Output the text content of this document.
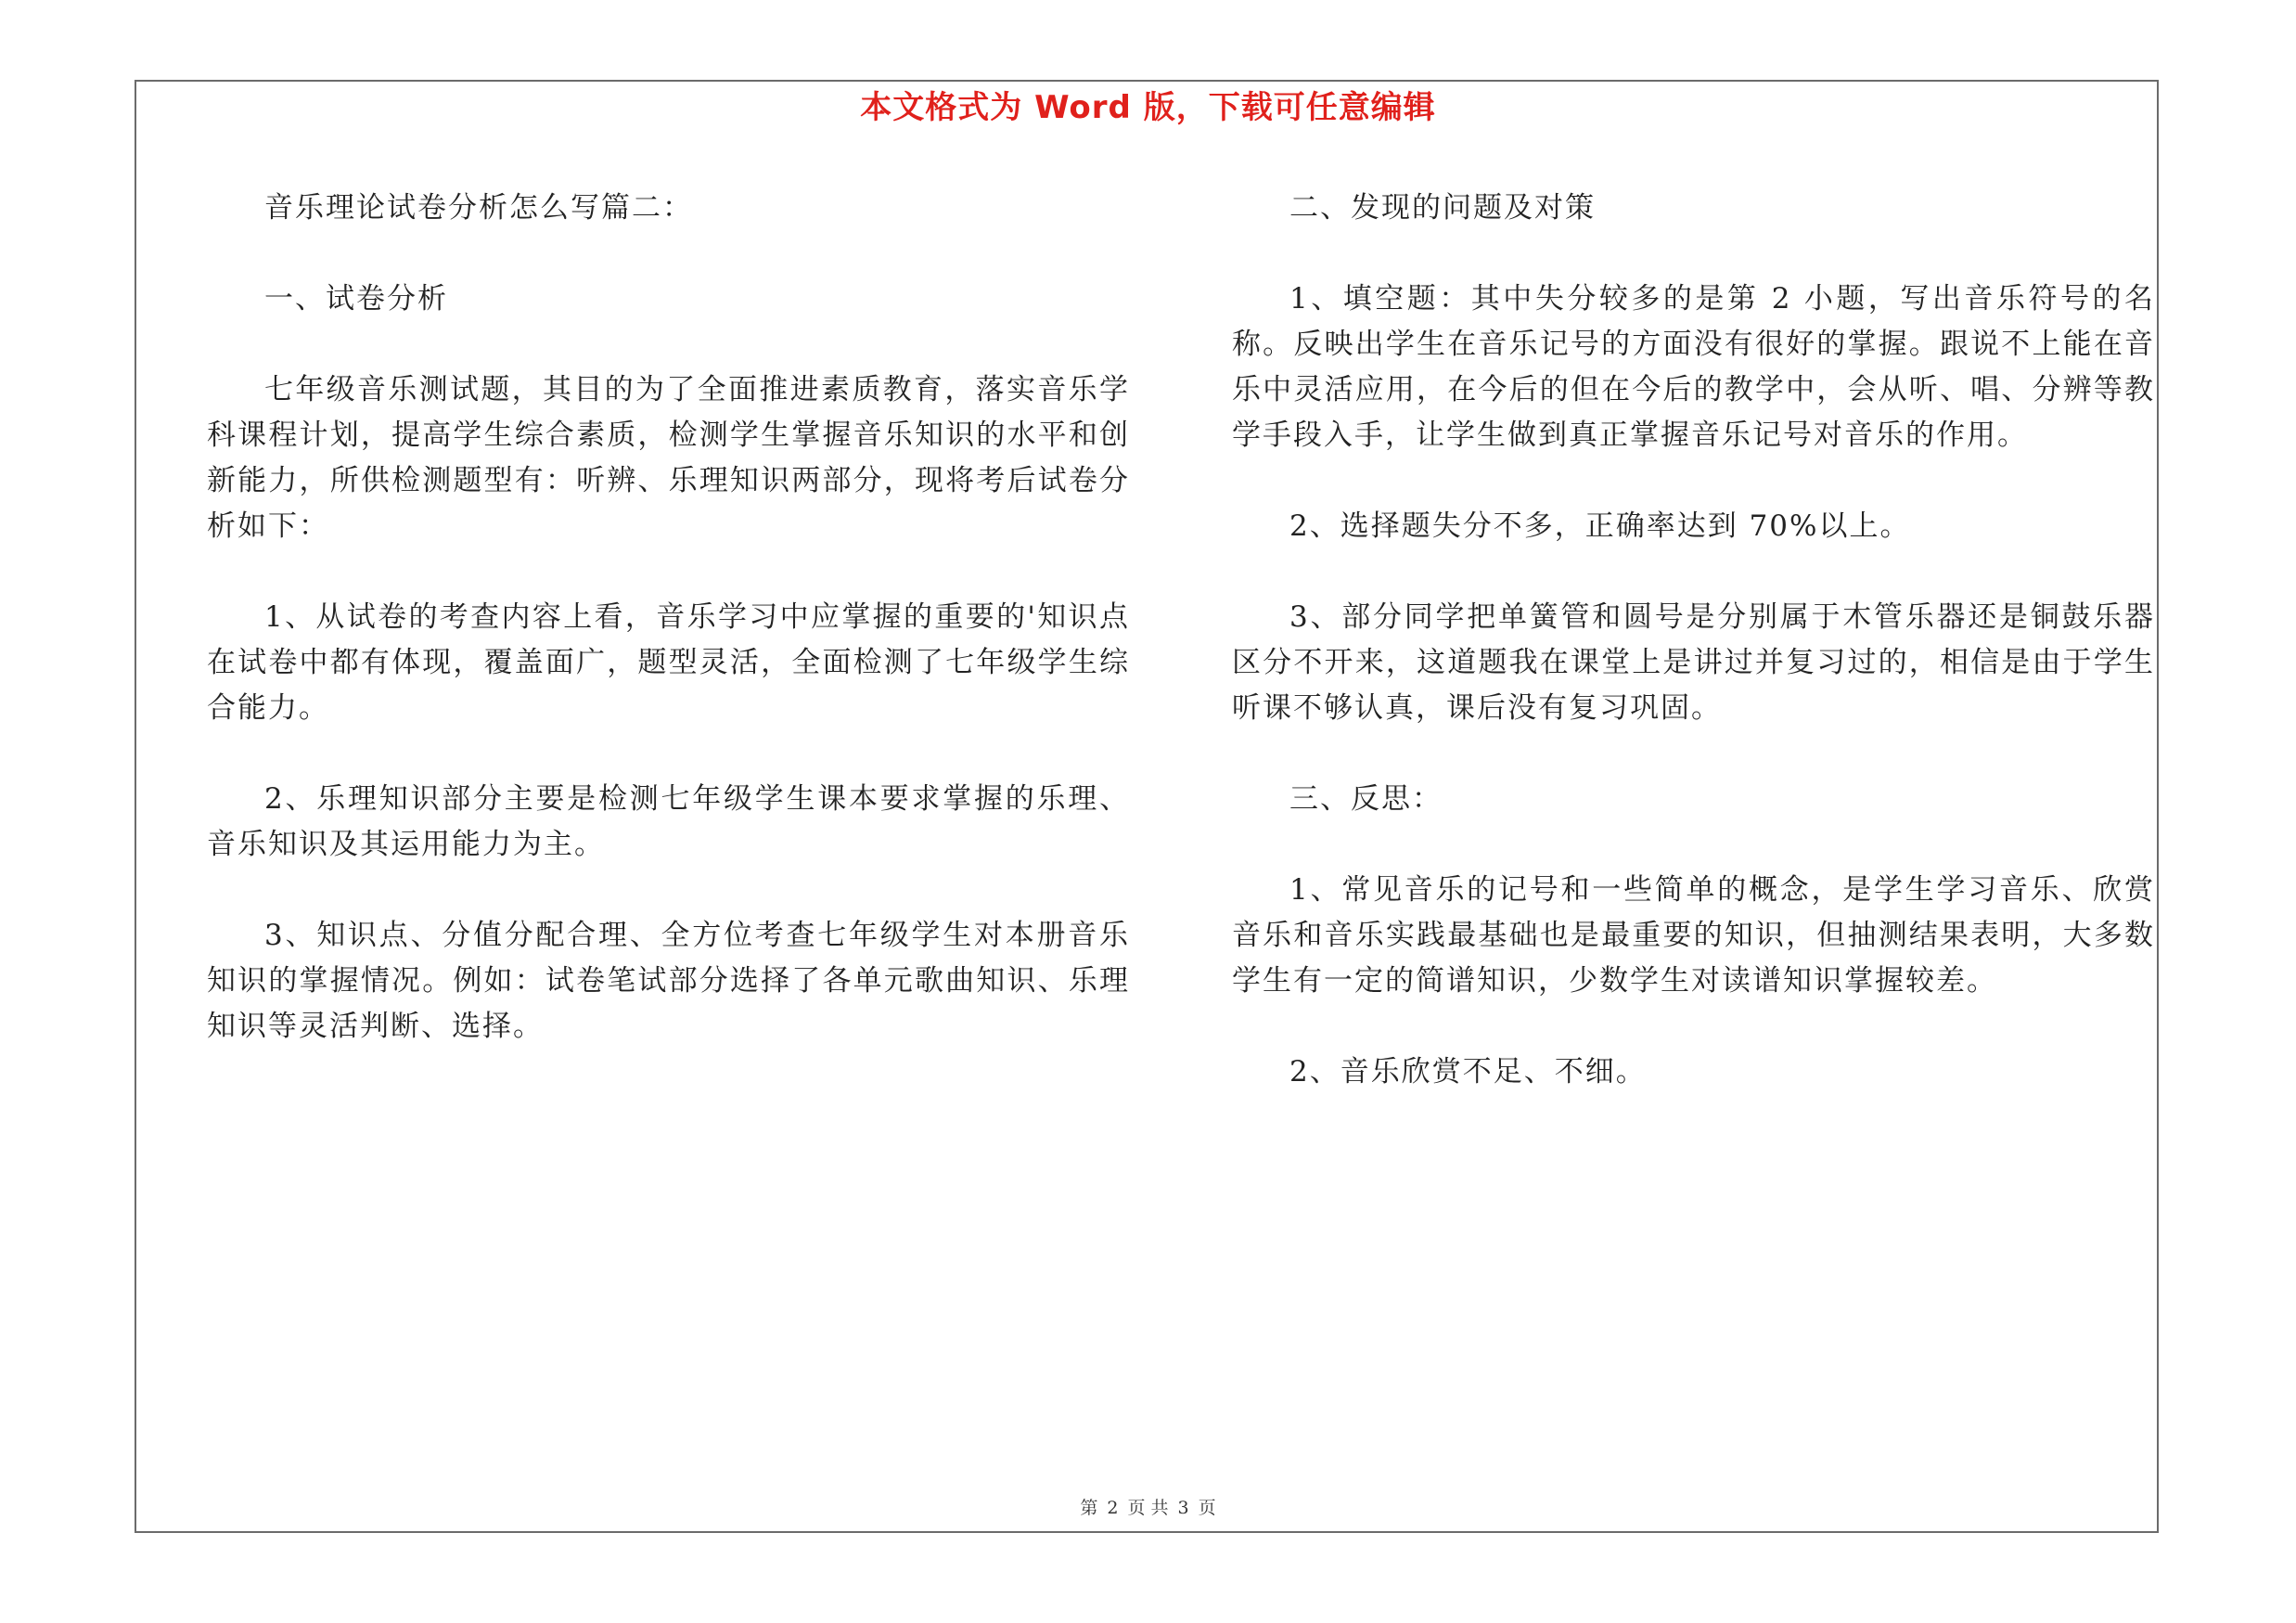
本文格式为 Word 版，下载可任意编辑

音乐理论试卷分析怎么写篇二：

一、试卷分析

七年级音乐测试题，其目的为了全面推进素质教育，落实音乐学科课程计划，提高学生综合素质，检测学生掌握音乐知识的水平和创新能力，所供检测题型有：听辨、乐理知识两部分，现将考后试卷分析如下：

1、从试卷的考查内容上看，音乐学习中应掌握的重要的'知识点在试卷中都有体现，覆盖面广，题型灵活，全面检测了七年级学生综合能力。

2、乐理知识部分主要是检测七年级学生课本要求掌握的乐理、音乐知识及其运用能力为主。

3、知识点、分值分配合理、全方位考查七年级学生对本册音乐知识的掌握情况。例如：试卷笔试部分选择了各单元歌曲知识、乐理知识等灵活判断、选择。

二、发现的问题及对策

1、填空题：其中失分较多的是第 2 小题，写出音乐符号的名称。反映出学生在音乐记号的方面没有很好的掌握。跟说不上能在音乐中灵活应用，在今后的但在今后的教学中，会从听、唱、分辨等教学手段入手，让学生做到真正掌握音乐记号对音乐的作用。

2、选择题失分不多，正确率达到 70%以上。

3、部分同学把单簧管和圆号是分别属于木管乐器还是铜鼓乐器区分不开来，这道题我在课堂上是讲过并复习过的，相信是由于学生听课不够认真，课后没有复习巩固。

三、反思：

1、常见音乐的记号和一些简单的概念，是学生学习音乐、欣赏音乐和音乐实践最基础也是最重要的知识，但抽测结果表明，大多数学生有一定的简谱知识，少数学生对读谱知识掌握较差。

2、音乐欣赏不足、不细。

第 2 页 共 3 页
